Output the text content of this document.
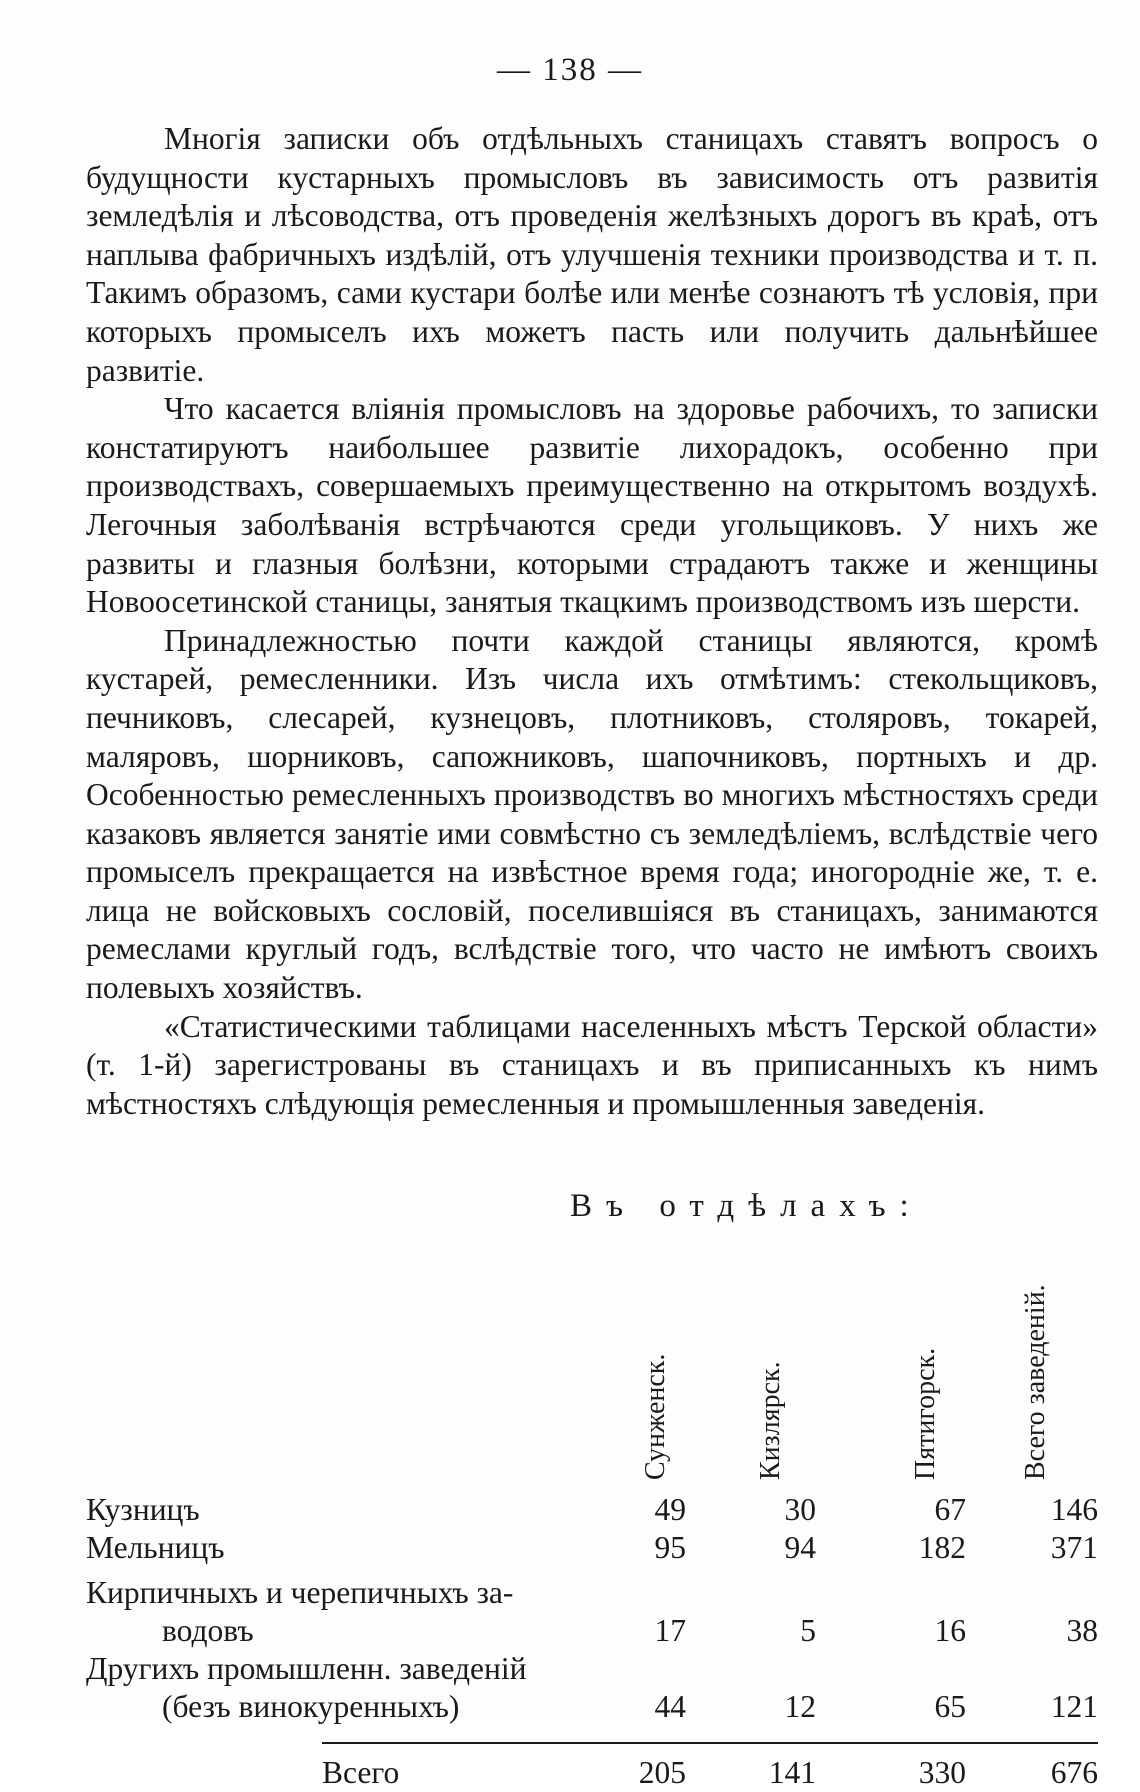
— 138 —

Многія записки объ отдѣльныхъ станицахъ ставятъ вопросъ о будущности кустарныхъ промысловъ въ зависимость отъ развитія земледѣлія и лѣсоводства, отъ проведенія желѣзныхъ дорогъ въ краѣ, отъ наплыва фабричныхъ издѣлій, отъ улучшенія техники производства и т. п. Такимъ образомъ, сами кустари болѣе или менѣе сознаютъ тѣ условія, при которыхъ промыселъ ихъ можетъ пасть или получить дальнѣйшее развитіе.

Что касается вліянія промысловъ на здоровье рабочихъ, то записки констатируютъ наибольшее развитіе лихорадокъ, особенно при производствахъ, совершаемыхъ преимущественно на открытомъ воздухѣ. Легочныя заболѣванія встрѣчаются среди угольщиковъ. У нихъ же развиты и глазныя болѣзни, которыми страдаютъ также и женщины Новоосетинской станицы, занятыя ткацкимъ производствомъ изъ шерсти.

Принадлежностью почти каждой станицы являются, кромѣ кустарей, ремесленники. Изъ числа ихъ отмѣтимъ: стекольщиковъ, печниковъ, слесарей, кузнецовъ, плотниковъ, столяровъ, токарей, маляровъ, шорниковъ, сапожниковъ, шапочниковъ, портныхъ и др. Особенностью ремесленныхъ производствъ во многихъ мѣстностяхъ среди казаковъ является занятіе ими совмѣстно съ земледѣліемъ, вслѣдствіе чего промыселъ прекращается на извѣстное время года; иногородніе же, т. е. лица не войсковыхъ сословій, поселившіяся въ станицахъ, занимаются ремеслами круглый годъ, вслѣдствіе того, что часто не имѣютъ своихъ полевыхъ хозяйствъ.

«Статистическими таблицами населенныхъ мѣстъ Терской области» (т. 1-й) зарегистрованы въ станицахъ и въ приписанныхъ къ нимъ мѣстностяхъ слѣдующія ремесленныя и промышленныя заведенія.

Въ отдѣлахъ:
Сунженск.	Кизлярск.	Пятигорск.	Всего заведеній.
Кузницъ	49	30	67	146
Мельницъ	95	94	182	371
Кирпичныхъ и черепичныхъ за-
водовъ	17	5	16	38
Другихъ промышленн. заведеній
(безъ винокуренныхъ)	44	12	65	121
Всего	205	141	330	676
